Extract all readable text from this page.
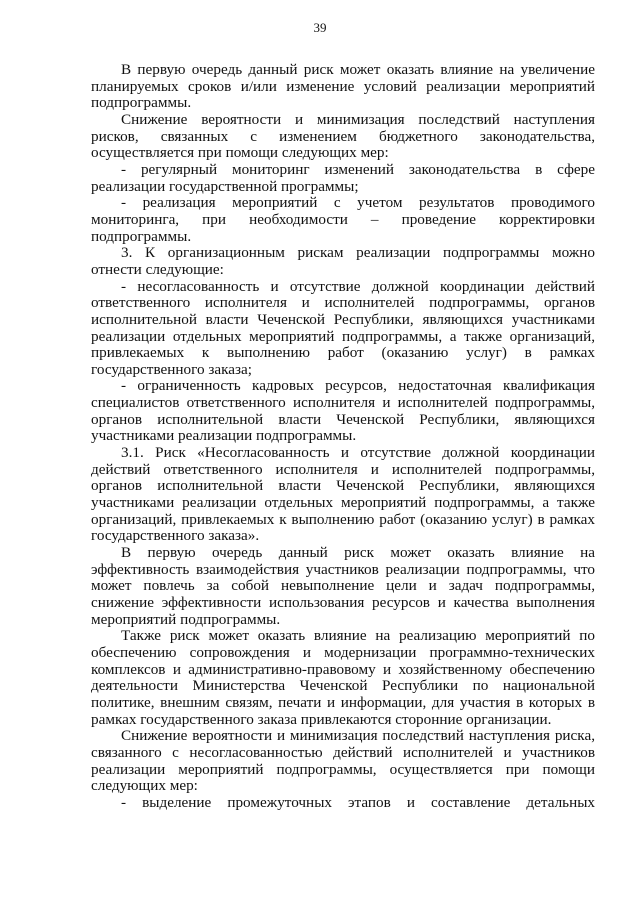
39

В первую очередь данный риск может оказать влияние на увеличение планируемых сроков и/или изменение условий реализации мероприятий подпрограммы.

Снижение вероятности и минимизация последствий наступления рисков, связанных с изменением бюджетного законодательства, осуществляется при помощи следующих мер:

- регулярный мониторинг изменений законодательства в сфере реализации государственной программы;

- реализация мероприятий с учетом результатов проводимого мониторинга, при необходимости – проведение корректировки подпрограммы.

3. К организационным рискам реализации подпрограммы можно отнести следующие:

- несогласованность и отсутствие должной координации действий ответственного исполнителя и исполнителей подпрограммы, органов исполнительной власти Чеченской Республики, являющихся участниками реализации отдельных мероприятий подпрограммы, а также организаций, привлекаемых к выполнению работ (оказанию услуг) в рамках государственного заказа;

- ограниченность кадровых ресурсов, недостаточная квалификация специалистов ответственного исполнителя и исполнителей подпрограммы, органов исполнительной власти Чеченской Республики, являющихся участниками реализации подпрограммы.

3.1. Риск «Несогласованность и отсутствие должной координации действий ответственного исполнителя и исполнителей подпрограммы, органов исполнительной власти Чеченской Республики, являющихся участниками реализации отдельных мероприятий подпрограммы, а также организаций, привлекаемых к выполнению работ (оказанию услуг) в рамках государственного заказа».

В первую очередь данный риск может оказать влияние на эффективность взаимодействия участников реализации подпрограммы, что может повлечь за собой невыполнение цели и задач подпрограммы, снижение эффективности использования ресурсов и качества выполнения мероприятий подпрограммы.

Также риск может оказать влияние на реализацию мероприятий по обеспечению сопровождения и модернизации программно-технических комплексов и административно-правовому и хозяйственному обеспечению деятельности Министерства Чеченской Республики по национальной политике, внешним связям, печати и информации, для участия в которых в рамках государственного заказа привлекаются сторонние организации.

Снижение вероятности и минимизация последствий наступления риска, связанного с несогласованностью действий исполнителей и участников реализации мероприятий подпрограммы, осуществляется при помощи следующих мер:

- выделение промежуточных этапов и составление детальных
